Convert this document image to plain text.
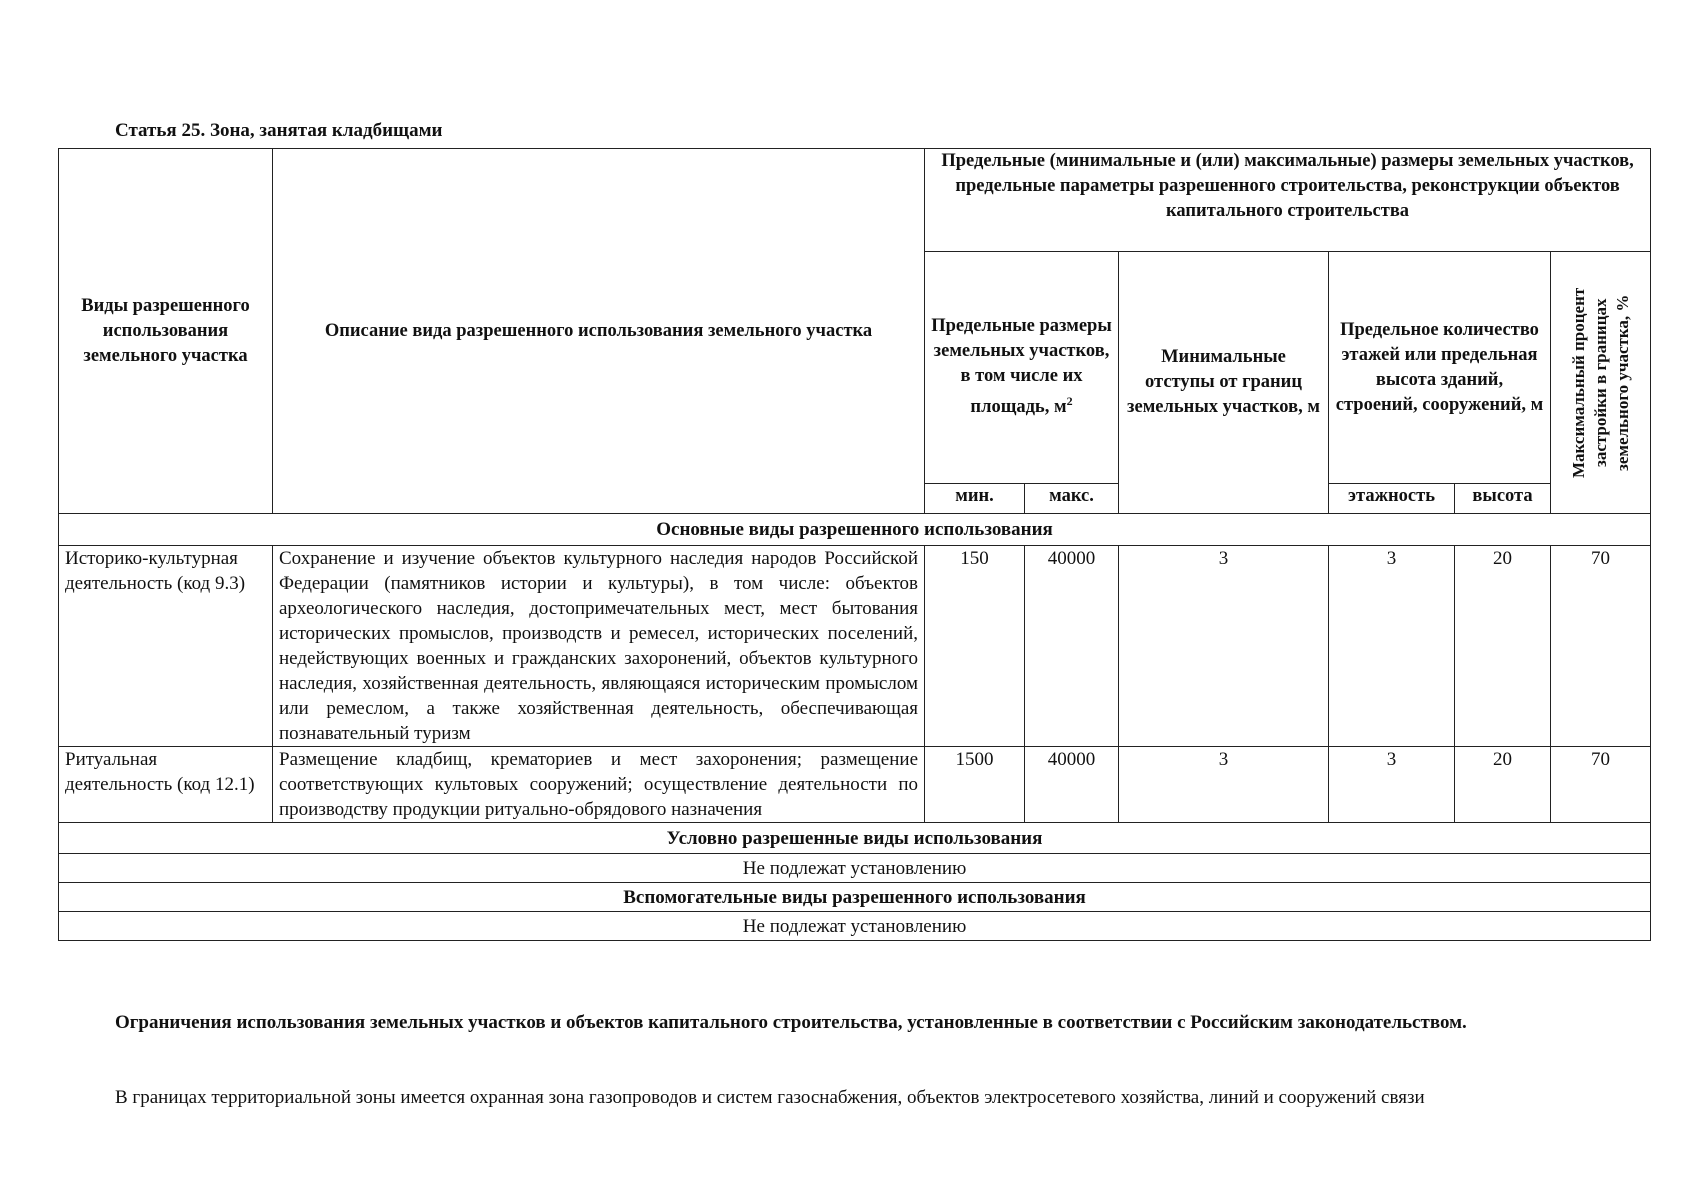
Статья 25. Зона, занятая кладбищами
Виды разрешенного использования земельного участка	Описание вида разрешенного использования земельного участка	Предельные (минимальные и (или) максимальные) размеры земельных участков, предельные параметры разрешенного строительства, реконструкции объектов капитального строительства					
		Предельные размеры земельных участков, в том числе их площадь, $м^2$		Минимальные отступы от границ земельных участков, м	Предельное количество этажей или предельная высота зданий, строений, сооружений, м		Максимальный процент застройки в границах земельного участка, %

		мин.	макс.		этажность	высота	
Основные виды разрешенного использования							
Историко-культурная деятельность (код 9.3)	Сохранение и изучение объектов культурного наследия народов Российской Федерации (памятников истории и культуры), в том числе: объектов археологического наследия, достопримечательных мест, мест бытования исторических промыслов, производств и ремесел, исторических поселений, недействующих военных и гражданских захоронений, объектов культурного наследия, хозяйственная деятельность, являющаяся историческим промыслом или ремеслом, а также хозяйственная деятельность, обеспечивающая познавательный туризм	150	40000	3	3	20	70
Ритуальная деятельность (код 12.1)	Размещение кладбищ, крематориев и мест захоронения; размещение соответствующих культовых сооружений; осуществление деятельности по производству продукции ритуально-обрядового назначения	1500	40000	3	3	20	70
Условно разрешенные виды использования							
Не подлежат установлению							
Вспомогательные виды разрешенного использования							
Не подлежат установлению							
Ограничения использования земельных участков и объектов капитального строительства, установленные в соответствии с Российским законодательством.
В границах территориальной зоны имеется охранная зона газопроводов и систем газоснабжения, объектов электросетевого хозяйства, линий и сооружений связи
